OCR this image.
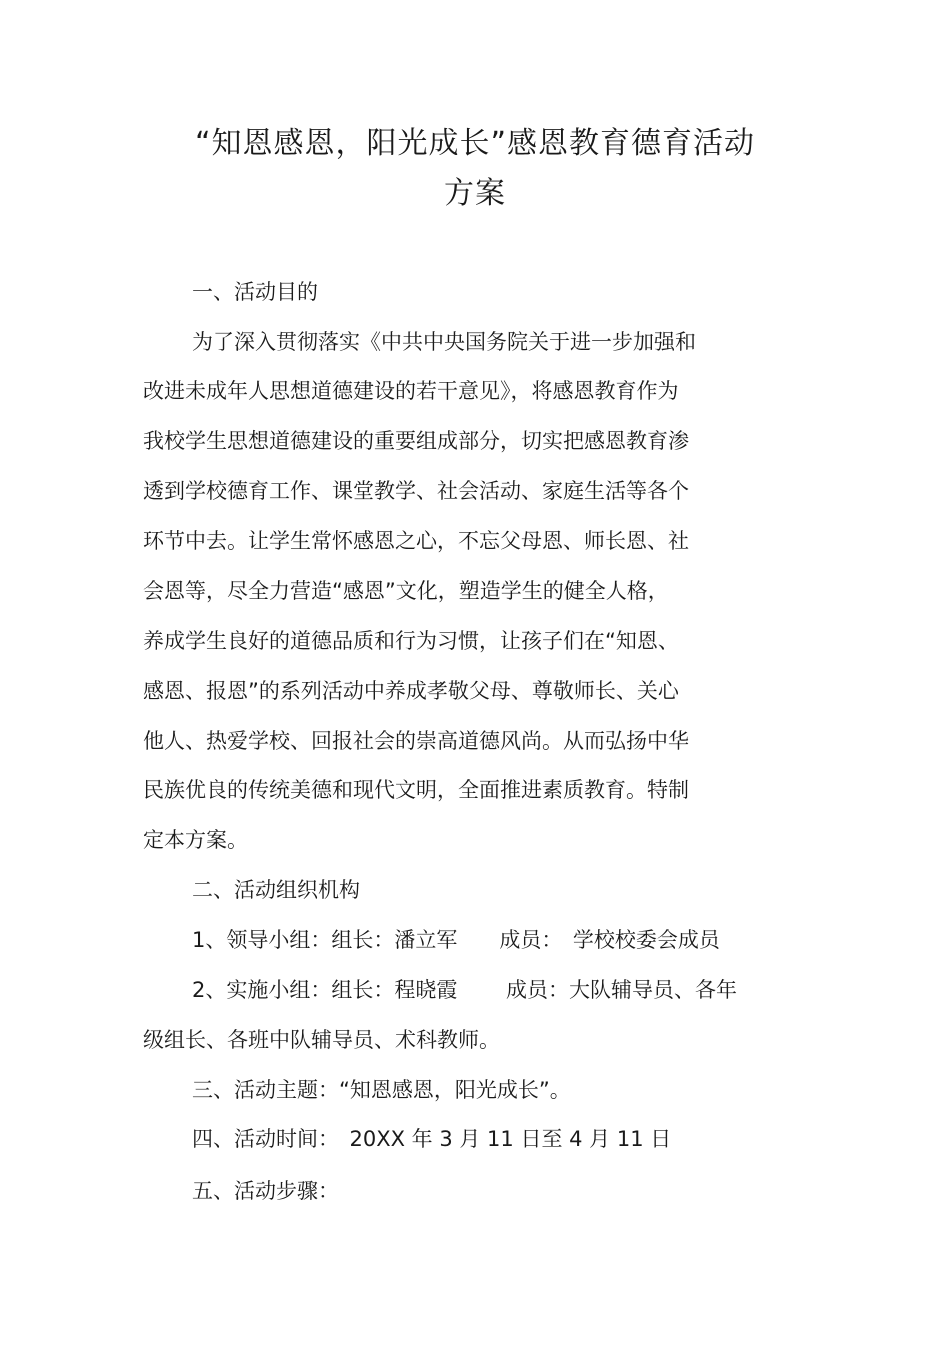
“知恩感恩，阳光成长”感恩教育德育活动
方案
一、活动目的
为了深入贯彻落实《中共中央国务院关于进一步加强和
改进未成年人思想道德建设的若干意见》，将感恩教育作为
我校学生思想道德建设的重要组成部分，切实把感恩教育渗
透到学校德育工作、课堂教学、社会活动、家庭生活等各个
环节中去。让学生常怀感恩之心，不忘父母恩、师长恩、社
会恩等，尽全力营造“感恩”文化，塑造学生的健全人格，
养成学生良好的道德品质和行为习惯，让孩子们在“知恩、
感恩、报恩”的系列活动中养成孝敬父母、尊敬师长、关心
他人、热爱学校、回报社会的崇高道德风尚。从而弘扬中华
民族优良的传统美德和现代文明，全面推进素质教育。特制
定本方案。
二、活动组织机构
1、领导小组：组长：潘立军　　成员：　学校校委会成员
2、实施小组：组长：程晓霞　　 成员：大队辅导员、各年
级组长、各班中队辅导员、术科教师。
三、活动主题：“知恩感恩，阳光成长”。
四、活动时间：　20XX 年 3 月 11 日至 4 月 11 日
五、活动步骤：
